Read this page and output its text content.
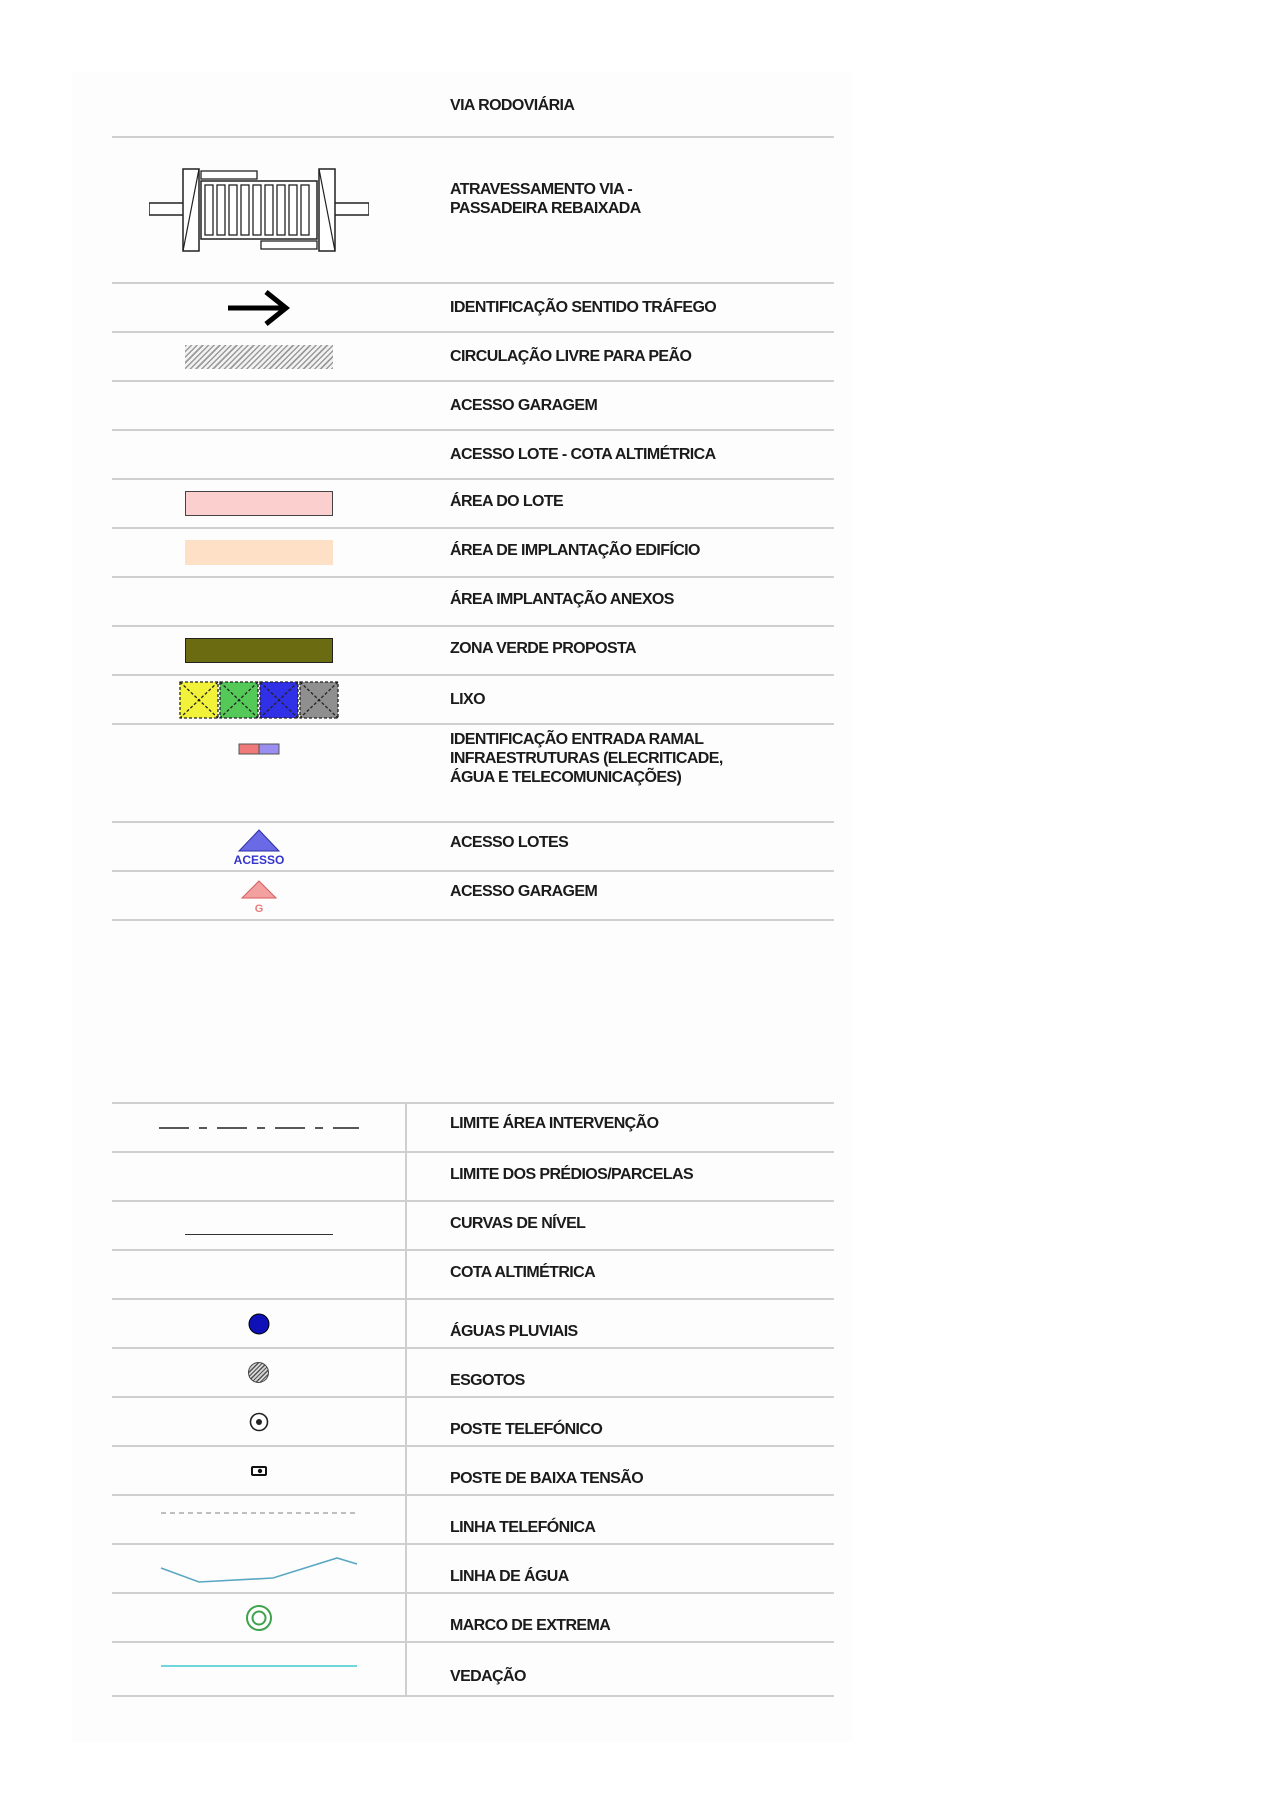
VIA RODOVIÁRIA
ATRAVESSAMENTO VIA -
PASSADEIRA REBAIXADA
IDENTIFICAÇÃO SENTIDO TRÁFEGO
CIRCULAÇÃO LIVRE PARA PEÃO
ACESSO GARAGEM
ACESSO LOTE - COTA ALTIMÉTRICA
ÁREA DO LOTE
ÁREA DE IMPLANTAÇÃO EDIFÍCIO
ÁREA IMPLANTAÇÃO ANEXOS
ZONA VERDE PROPOSTA
LIXO
IDENTIFICAÇÃO ENTRADA RAMAL
INFRAESTRUTURAS (ELECRITICADE,
ÁGUA E TELECOMUNICAÇÕES)
ACESSO
ACESSO LOTES
G
ACESSO GARAGEM
LIMITE ÁREA INTERVENÇÃO
LIMITE DOS PRÉDIOS/PARCELAS
CURVAS DE NÍVEL
COTA ALTIMÉTRICA
ÁGUAS PLUVIAIS
ESGOTOS
POSTE TELEFÓNICO
POSTE DE BAIXA TENSÃO
LINHA TELEFÓNICA
LINHA DE ÁGUA
MARCO DE EXTREMA
VEDAÇÃO
